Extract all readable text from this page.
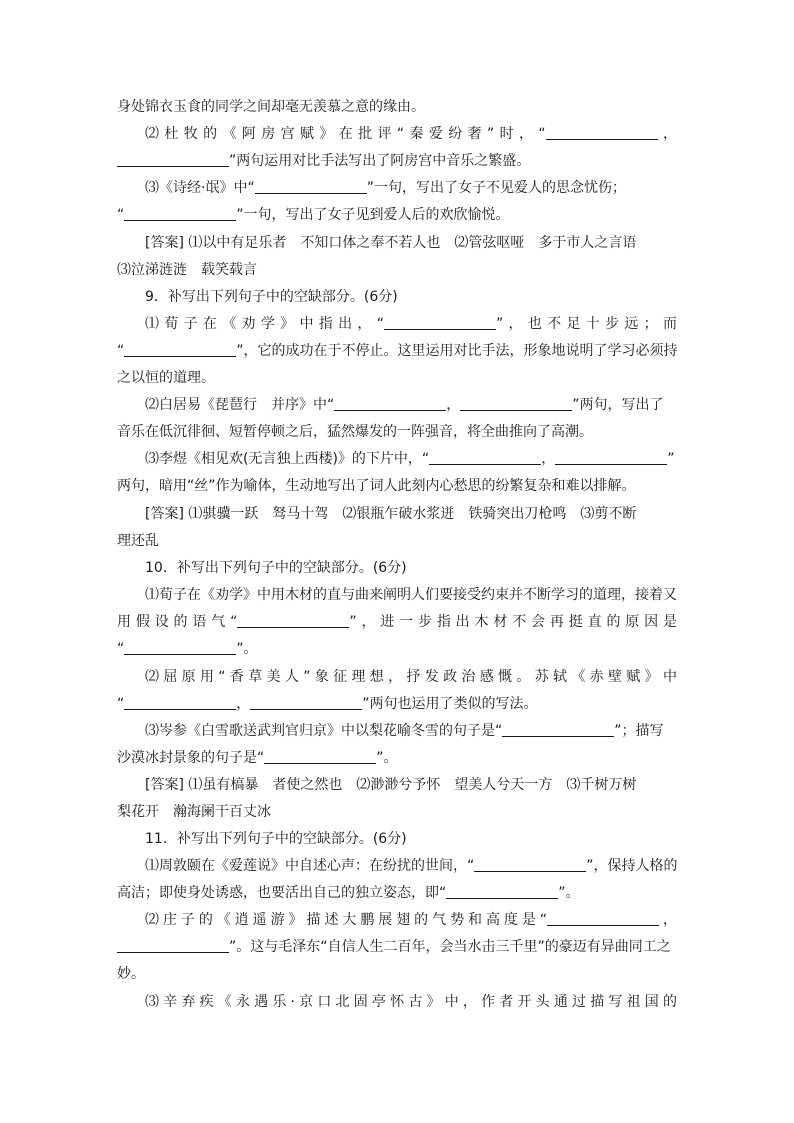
身处锦衣玉食的同学之间却毫无羡慕之意的缘由。
⑵杜牧的《阿房宫赋》在批评“秦爱纷奢”时，“	，
”两句运用对比手法写出了阿房宫中音乐之繁盛。
⑶《诗经·氓》中“	”一句，写出了女子不见爱人的思念忧伤；
“	”一句，写出了女子见到爱人后的欢欣愉悦。
[答案] ⑴以中有足乐者　不知口体之奉不若人也　⑵管弦呕哑　多于市人之言语
⑶泣涕涟涟　载笑载言
9．补写出下列句子中的空缺部分。(6分)
⑴荀子在《劝学》中指出，“	”，也不足十步远；而
“	”，它的成功在于不停止。这里运用对比手法，形象地说明了学习必须持
之以恒的道理。
⑵白居易《琵琶行　并序》中“	，	”两句，写出了
音乐在低沉徘徊、短暂停顿之后，猛然爆发的一阵强音，将全曲推向了高潮。
⑶李煜《相见欢(无言独上西楼)》的下片中，“	，	”
两句，暗用“丝”作为喻体，生动地写出了词人此刻内心愁思的纷繁复杂和难以排解。
[答案] ⑴骐骥一跃　驽马十驾　⑵银瓶乍破水浆迸　铁骑突出刀枪鸣　⑶剪不断
理还乱
10．补写出下列句子中的空缺部分。(6分)
⑴荀子在《劝学》中用木材的直与曲来阐明人们要接受约束并不断学习的道理，接着又
用假设的语气“	”，进一步指出木材不会再挺直的原因是
“	”。
⑵屈原用“香草美人”象征理想，抒发政治感慨。苏轼《赤壁赋》中
“	，	”两句也运用了类似的写法。
⑶岑参《白雪歌送武判官归京》中以梨花喻冬雪的句子是“	”；描写
沙漠冰封景象的句子是“	”。
[答案] ⑴虽有槁暴　者使之然也　⑵渺渺兮予怀　望美人兮天一方　⑶千树万树
梨花开　瀚海阑干百丈冰
11．补写出下列句子中的空缺部分。(6分)
⑴周敦颐在《爱莲说》中自述心声：在纷扰的世间，“	”，保持人格的
高洁；即使身处诱惑，也要活出自己的独立姿态，即“	”。
⑵庄子的《逍遥游》描述大鹏展翅的气势和高度是“	，
”。这与毛泽东“自信人生二百年，会当水击三千里”的豪迈有异曲同工之
妙。
⑶辛弃疾《永遇乐·京口北固亭怀古》中，作者开头通过描写祖国的
